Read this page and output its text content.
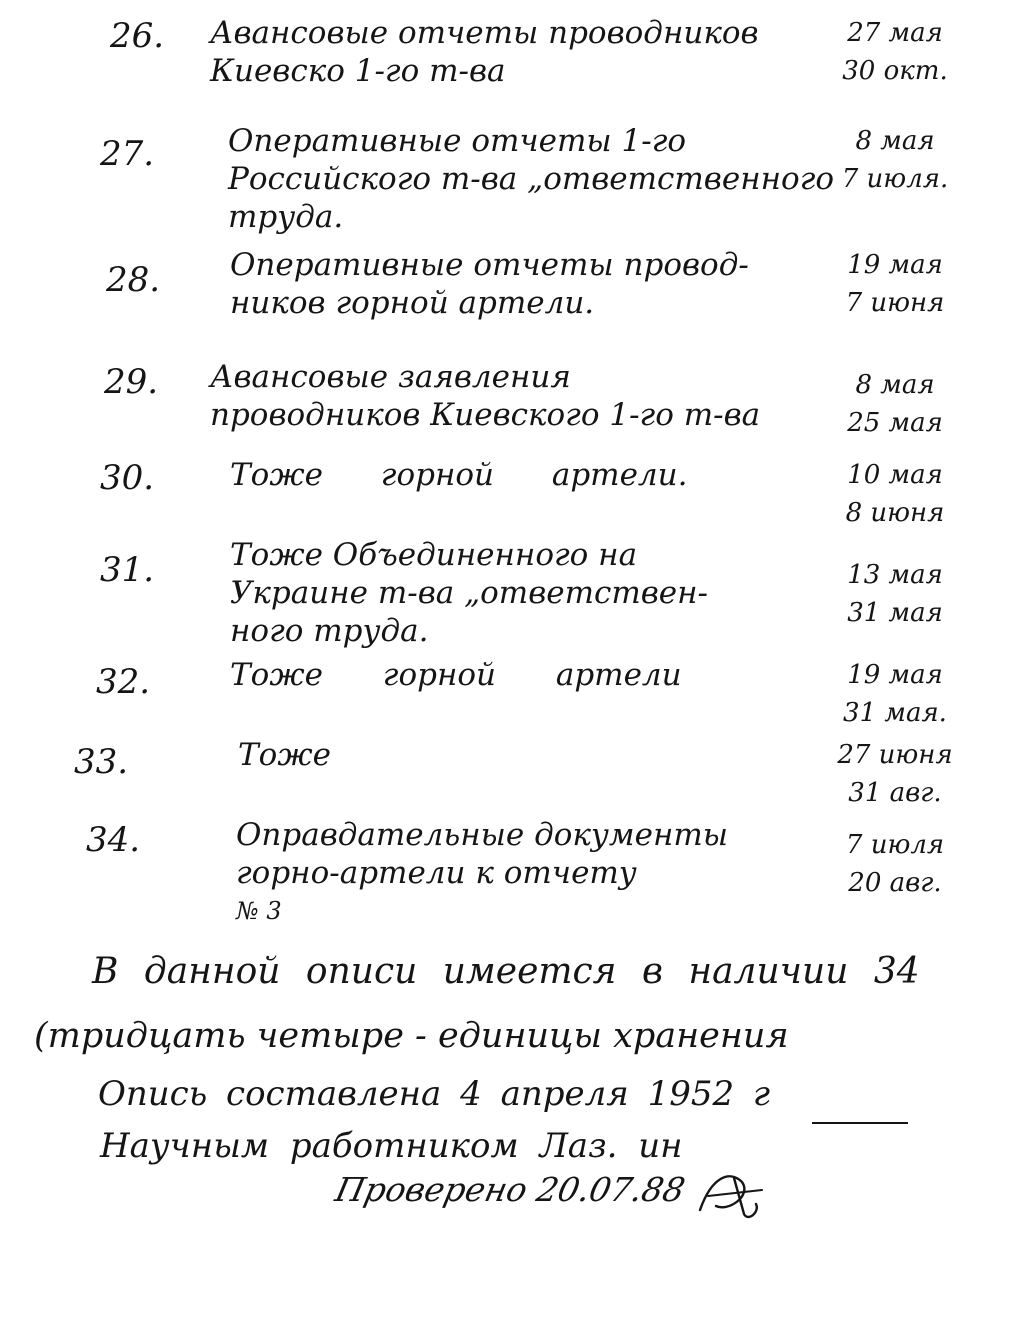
26.	Авансовые отчеты проводников
Киевско 1-го т-ва
27 мая
30 окт.
27.	Оперативные отчеты 1-го
Российского т-ва „ответственного
труда.
8 мая
7 июля.
28.	Оперативные отчеты провод-
ников горной артели.
19 мая
7 июня
29.	Авансовые заявления
проводников Киевского 1-го т-ва
8 мая
25 мая
30.	Тоже горной артели.	10 мая
8 июня
31.	Тоже Объединенного на
Украине т-ва „ответствен-
ного труда.
13 мая
31 мая
32.	Тоже горной артели	19 мая
31 мая.
33.	Тоже	27 июня
31 авг.
34.	Оправдательные документы
горно-артели к отчету
№ 3
7 июля
20 авг.
В данной описи имеется в наличии 34
(тридцать четыре - единицы хранения
Опись составлена 4 апреля 1952 г
Научным работником Лаз. ин
Проверено 20.07.88
